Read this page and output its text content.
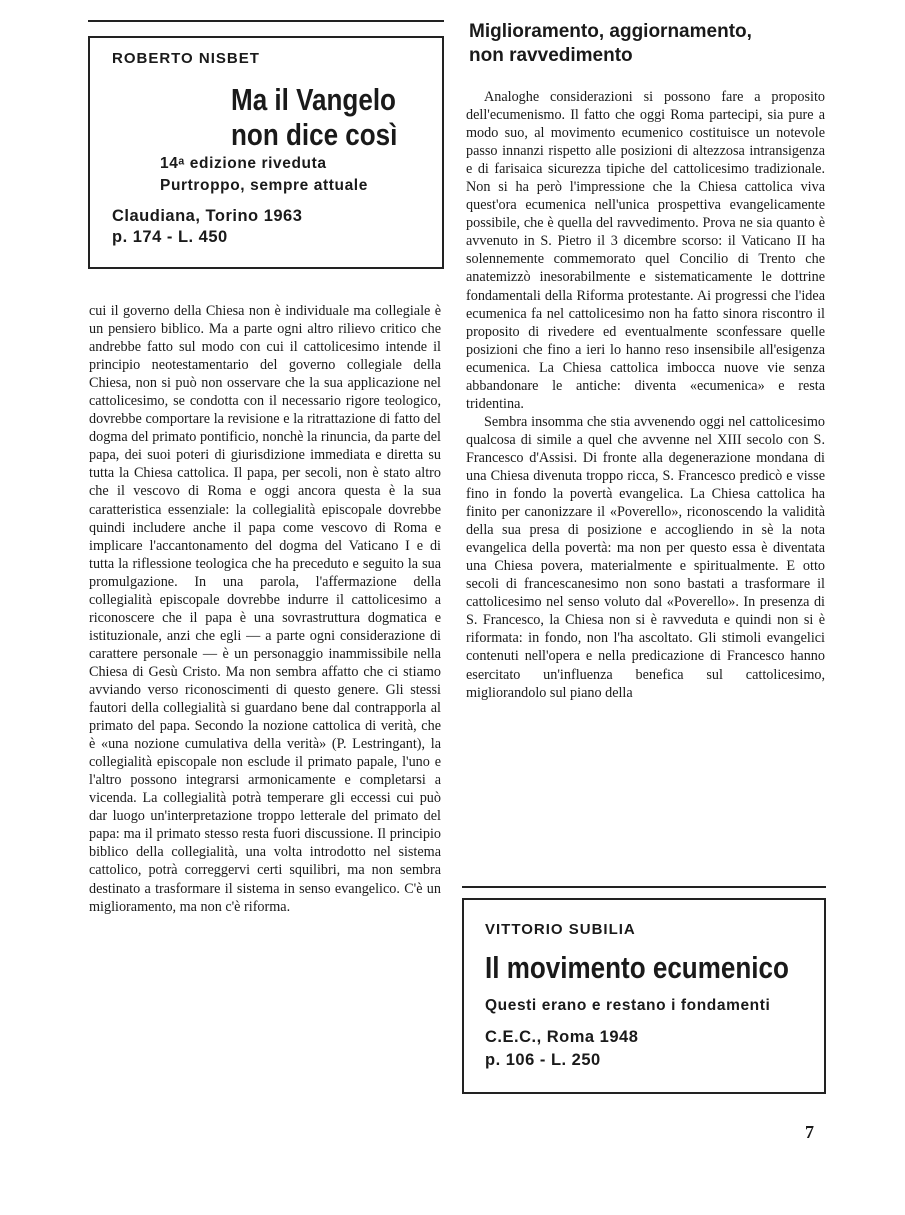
ROBERTO NISBET
Ma il Vangelo
non dice così
14ᵃ edizione riveduta
Purtroppo, sempre attuale
Claudiana, Torino 1963
p. 174 - L. 450
Miglioramento, aggiornamento,
non ravvedimento

cui il governo della Chiesa non è individuale ma collegiale è un pensiero biblico. Ma a parte ogni altro rilievo critico che andrebbe fatto sul modo con cui il cattolicesimo intende il principio neotestamentario del governo collegiale della Chiesa, non si può non osservare che la sua applicazione nel cattolicesimo, se condotta con il necessario rigore teologico, dovrebbe comportare la revisione e la ritrattazione di fatto del dogma del primato pontificio, nonchè la rinuncia, da parte del papa, dei suoi poteri di giurisdizione immediata e diretta su tutta la Chiesa cattolica. Il papa, per secoli, non è stato altro che il vescovo di Roma e oggi ancora questa è la sua caratteristica essenziale: la collegialità episcopale dovrebbe quindi includere anche il papa come vescovo di Roma e implicare l'accantonamento del dogma del Vaticano I e di tutta la riflessione teologica che ha preceduto e seguito la sua promulgazione. In una parola, l'affermazione della collegialità episcopale dovrebbe indurre il cattolicesimo a riconoscere che il papa è una sovrastruttura dogmatica e istituzionale, anzi che egli — a parte ogni considerazione di carattere personale — è un personaggio inammissibile nella Chiesa di Gesù Cristo. Ma non sembra affatto che ci stiamo avviando verso riconoscimenti di questo genere. Gli stessi fautori della collegialità si guardano bene dal contrapporla al primato del papa. Secondo la nozione cattolica di verità, che è «una nozione cumulativa della verità» (P. Lestringant), la collegialità episcopale non esclude il primato papale, l'uno e l'altro possono integrarsi armonicamente e completarsi a vicenda. La collegialità potrà temperare gli eccessi cui può dar luogo un'interpretazione troppo letterale del primato del papa: ma il primato stesso resta fuori discussione. Il principio biblico della collegialità, una volta introdotto nel sistema cattolico, potrà correggervi certi squilibri, ma non sembra destinato a trasformare il sistema in senso evangelico. C'è un miglioramento, ma non c'è riforma.

Analoghe considerazioni si possono fare a proposito dell'ecumenismo. Il fatto che oggi Roma partecipi, sia pure a modo suo, al movimento ecumenico costituisce un notevole passo innanzi rispetto alle posizioni di altezzosa intransigenza e di farisaica sicurezza tipiche del cattolicesimo tradizionale. Non si ha però l'impressione che la Chiesa cattolica viva quest'ora ecumenica nell'unica prospettiva evangelicamente possibile, che è quella del ravvedimento. Prova ne sia quanto è avvenuto in S. Pietro il 3 dicembre scorso: il Vaticano II ha solennemente commemorato quel Concilio di Trento che anatemizzò inesorabilmente e sistematicamente le dottrine fondamentali della Riforma protestante. Ai progressi che l'idea ecumenica fa nel cattolicesimo non ha fatto sinora riscontro il proposito di rivedere ed eventualmente sconfessare quelle posizioni che fino a ieri lo hanno reso insensibile all'esigenza ecumenica. La Chiesa cattolica imbocca nuove vie senza abbandonare le antiche: diventa «ecumenica» e resta tridentina.

Sembra insomma che stia avvenendo oggi nel cattolicesimo qualcosa di simile a quel che avvenne nel XIII secolo con S. Francesco d'Assisi. Di fronte alla degenerazione mondana di una Chiesa divenuta troppo ricca, S. Francesco predicò e visse fino in fondo la povertà evangelica. La Chiesa cattolica ha finito per canonizzare il «Poverello», riconoscendo la validità della sua presa di posizione e accogliendo in sè la nota evangelica della povertà: ma non per questo essa è diventata una Chiesa povera, materialmente e spiritualmente. E otto secoli di francescanesimo non sono bastati a trasformare il cattolicesimo nel senso voluto dal «Poverello». In presenza di S. Francesco, la Chiesa non si è ravveduta e quindi non si è riformata: in fondo, non l'ha ascoltato. Gli stimoli evangelici contenuti nell'opera e nella predicazione di Francesco hanno esercitato un'influenza benefica sul cattolicesimo, migliorandolo sul piano della

VITTORIO SUBILIA
Il movimento ecumenico
Questi erano e restano i fondamenti
C.E.C., Roma 1948
p. 106 - L. 250
7
